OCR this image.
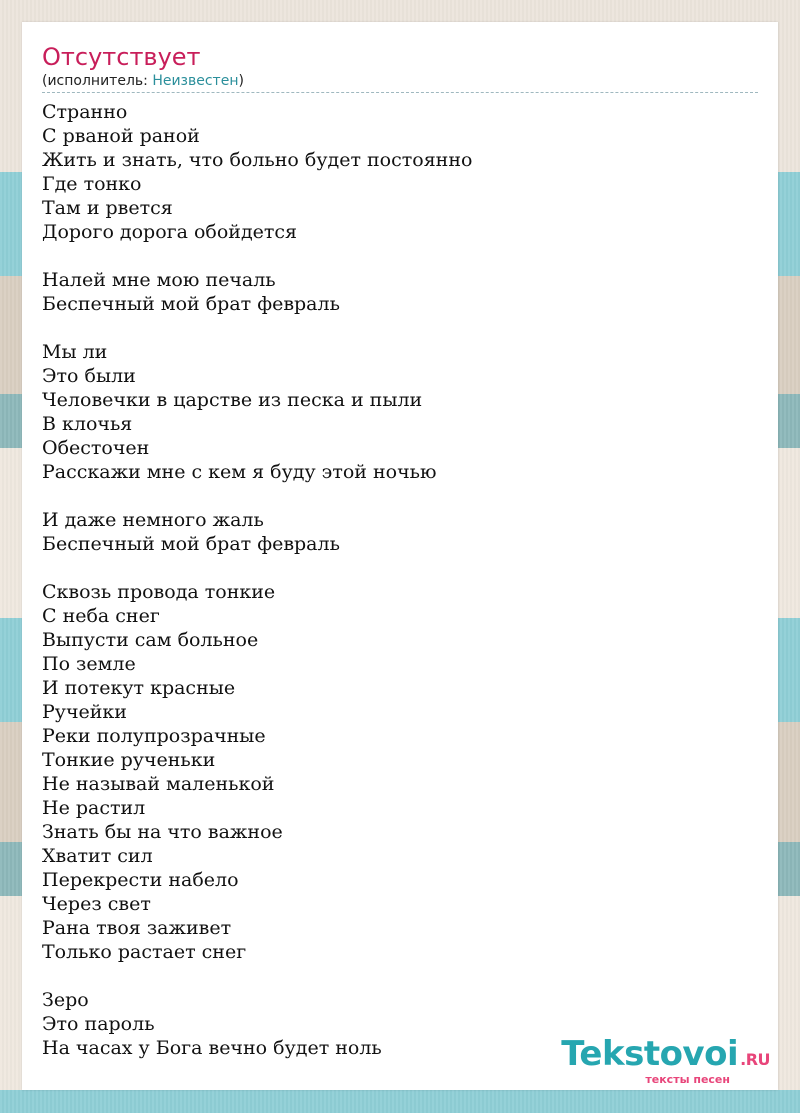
Отсутствует
(исполнитель: Неизвестен)
Странно
С рваной раной
Жить и знать, что больно будет постоянно
Где тонко
Там и рвется
Дорого дорога обойдется
Налей мне мою печаль
Беспечный мой брат февраль
Мы ли
Это были
Человечки в царстве из песка и пыли
В клочья
Обесточен
Расскажи мне с кем я буду этой ночью
И даже немного жаль
Беспечный мой брат февраль
Сквозь провода тонкие
С неба снег
Выпусти сам больное
По земле
И потекут красные
Ручейки
Реки полупрозрачные
Тонкие рученьки
Не называй маленькой
Не растил
Знать бы на что важное
Хватит сил
Перекрести набело
Через свет
Рана твоя заживет
Только растает снег
Зеро
Это пароль
На часах у Бога вечно будет ноль	Tekstovoi .RU
тексты песен
